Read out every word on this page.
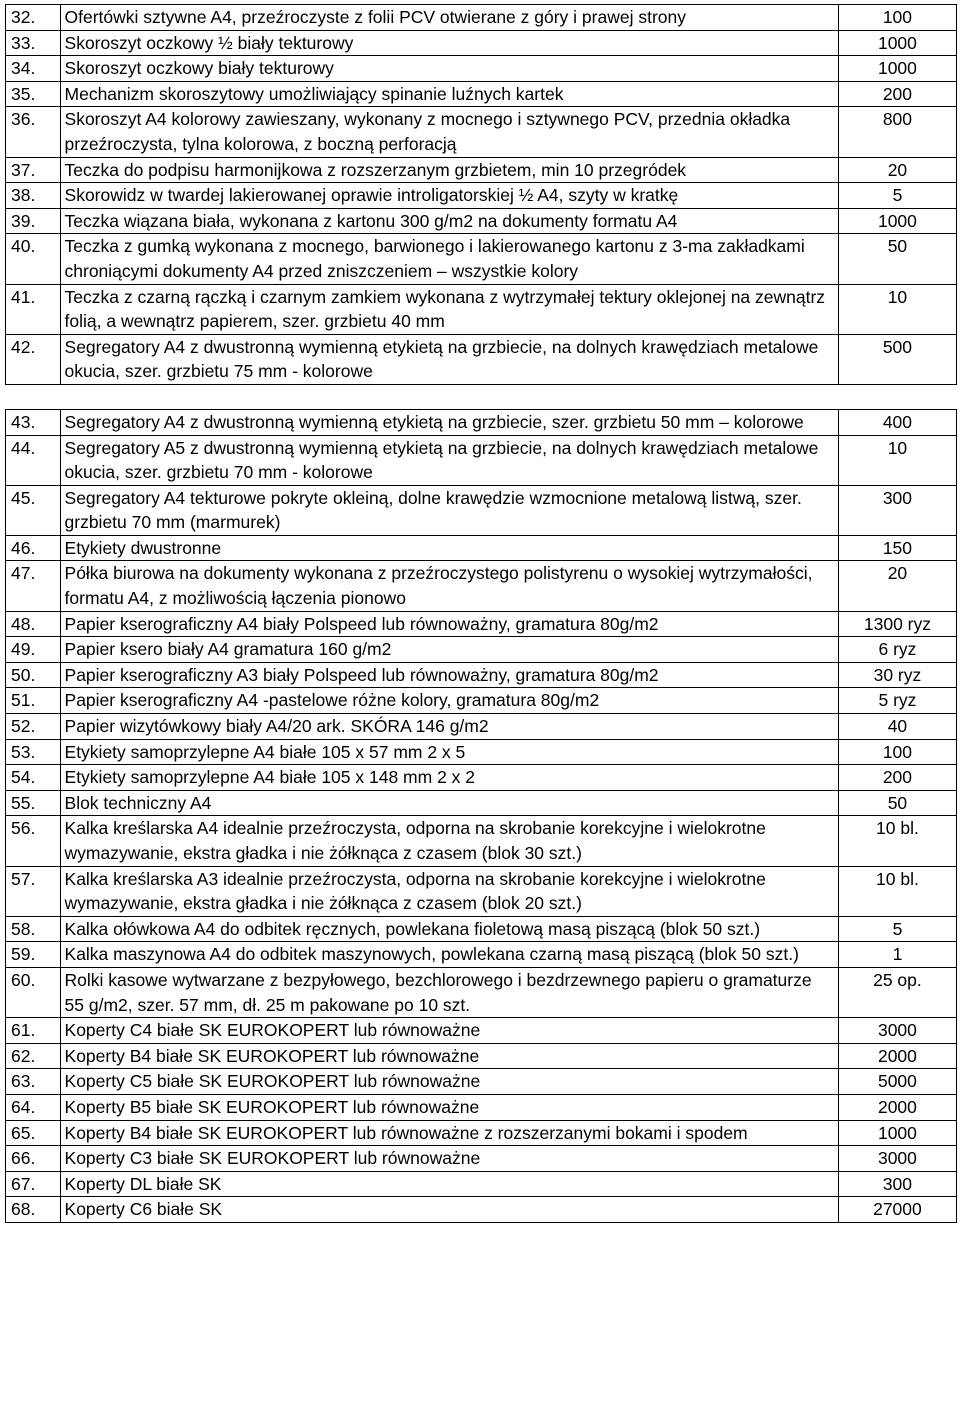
32.	Ofertówki sztywne A4, przeźroczyste z folii PCV otwierane z góry i prawej strony	100

33.	Skoroszyt oczkowy ½ biały tekturowy	1000

34.	Skoroszyt oczkowy biały tekturowy	1000

35.	Mechanizm skoroszytowy umożliwiający spinanie luźnych kartek	200

36.	Skoroszyt A4 kolorowy zawieszany, wykonany z mocnego i sztywnego PCV, przednia okładka przeźroczysta, tylna kolorowa, z boczną perforacją	800

37.	Teczka do podpisu harmonijkowa z rozszerzanym grzbietem, min 10 przegródek	20

38.	Skorowidz w twardej lakierowanej oprawie introligatorskiej ½ A4, szyty w kratkę	5

39.	Teczka wiązana biała, wykonana z kartonu 300 g/m2 na dokumenty formatu A4	1000

40.	Teczka z gumką wykonana z mocnego, barwionego i lakierowanego kartonu z 3-ma zakładkami chroniącymi dokumenty A4 przed zniszczeniem – wszystkie kolory	50

41.	Teczka z czarną rączką i czarnym zamkiem wykonana z wytrzymałej tektury oklejonej na zewnątrz folią, a wewnątrz papierem, szer. grzbietu 40 mm	10

42.	Segregatory A4 z dwustronną wymienną etykietą na grzbiecie, na dolnych krawędziach metalowe okucia, szer. grzbietu 75 mm - kolorowe	500

43.	Segregatory A4 z dwustronną wymienną etykietą na grzbiecie, szer. grzbietu 50 mm – kolorowe	400

44.	Segregatory A5 z dwustronną wymienną etykietą na grzbiecie, na dolnych krawędziach metalowe okucia, szer. grzbietu 70 mm - kolorowe	10

45.	Segregatory A4 tekturowe pokryte okleiną, dolne krawędzie wzmocnione metalową listwą, szer. grzbietu 70 mm (marmurek)	300

46.	Etykiety dwustronne	150

47.	Półka biurowa na dokumenty wykonana z przeźroczystego polistyrenu o wysokiej wytrzymałości, formatu A4, z możliwością łączenia pionowo	20

48.	Papier kserograficzny A4 biały Polspeed lub równoważny, gramatura 80g/m2	1300 ryz

49.	Papier ksero biały A4 gramatura 160 g/m2	6 ryz

50.	Papier kserograficzny A3 biały Polspeed lub równoważny, gramatura 80g/m2	30 ryz

51.	Papier kserograficzny A4 -pastelowe różne kolory, gramatura 80g/m2	5 ryz

52.	Papier wizytówkowy biały A4/20 ark. SKÓRA 146 g/m2	40

53.	Etykiety samoprzylepne A4 białe 105 x 57 mm 2 x 5	100

54.	Etykiety samoprzylepne A4 białe 105 x 148 mm 2 x 2	200

55.	Blok techniczny A4	50

56.	Kalka kreślarska A4 idealnie przeźroczysta, odporna na skrobanie korekcyjne i wielokrotne wymazywanie, ekstra gładka i nie żółknąca z czasem (blok 30 szt.)	10 bl.

57.	Kalka kreślarska A3 idealnie przeźroczysta, odporna na skrobanie korekcyjne i wielokrotne wymazywanie, ekstra gładka i nie żółknąca z czasem (blok 20 szt.)	10 bl.

58.	Kalka ołówkowa A4 do odbitek ręcznych, powlekana fioletową masą piszącą (blok 50 szt.)	5

59.	Kalka maszynowa A4 do odbitek maszynowych, powlekana czarną masą piszącą (blok 50 szt.)	1

60.	Rolki kasowe wytwarzane z bezpyłowego, bezchlorowego i bezdrzewnego papieru o gramaturze 55 g/m2, szer. 57 mm, dł. 25 m pakowane po 10 szt.	25 op.

61.	Koperty C4 białe SK EUROKOPERT lub równoważne	3000

62.	Koperty B4 białe SK EUROKOPERT lub równoważne	2000

63.	Koperty C5 białe SK EUROKOPERT lub równoważne	5000

64.	Koperty B5 białe SK EUROKOPERT lub równoważne	2000

65.	Koperty B4 białe SK EUROKOPERT lub równoważne z rozszerzanymi bokami i spodem	1000

66.	Koperty C3 białe SK EUROKOPERT lub równoważne	3000

67.	Koperty DL białe SK	300

68.	Koperty C6 białe SK	27000
